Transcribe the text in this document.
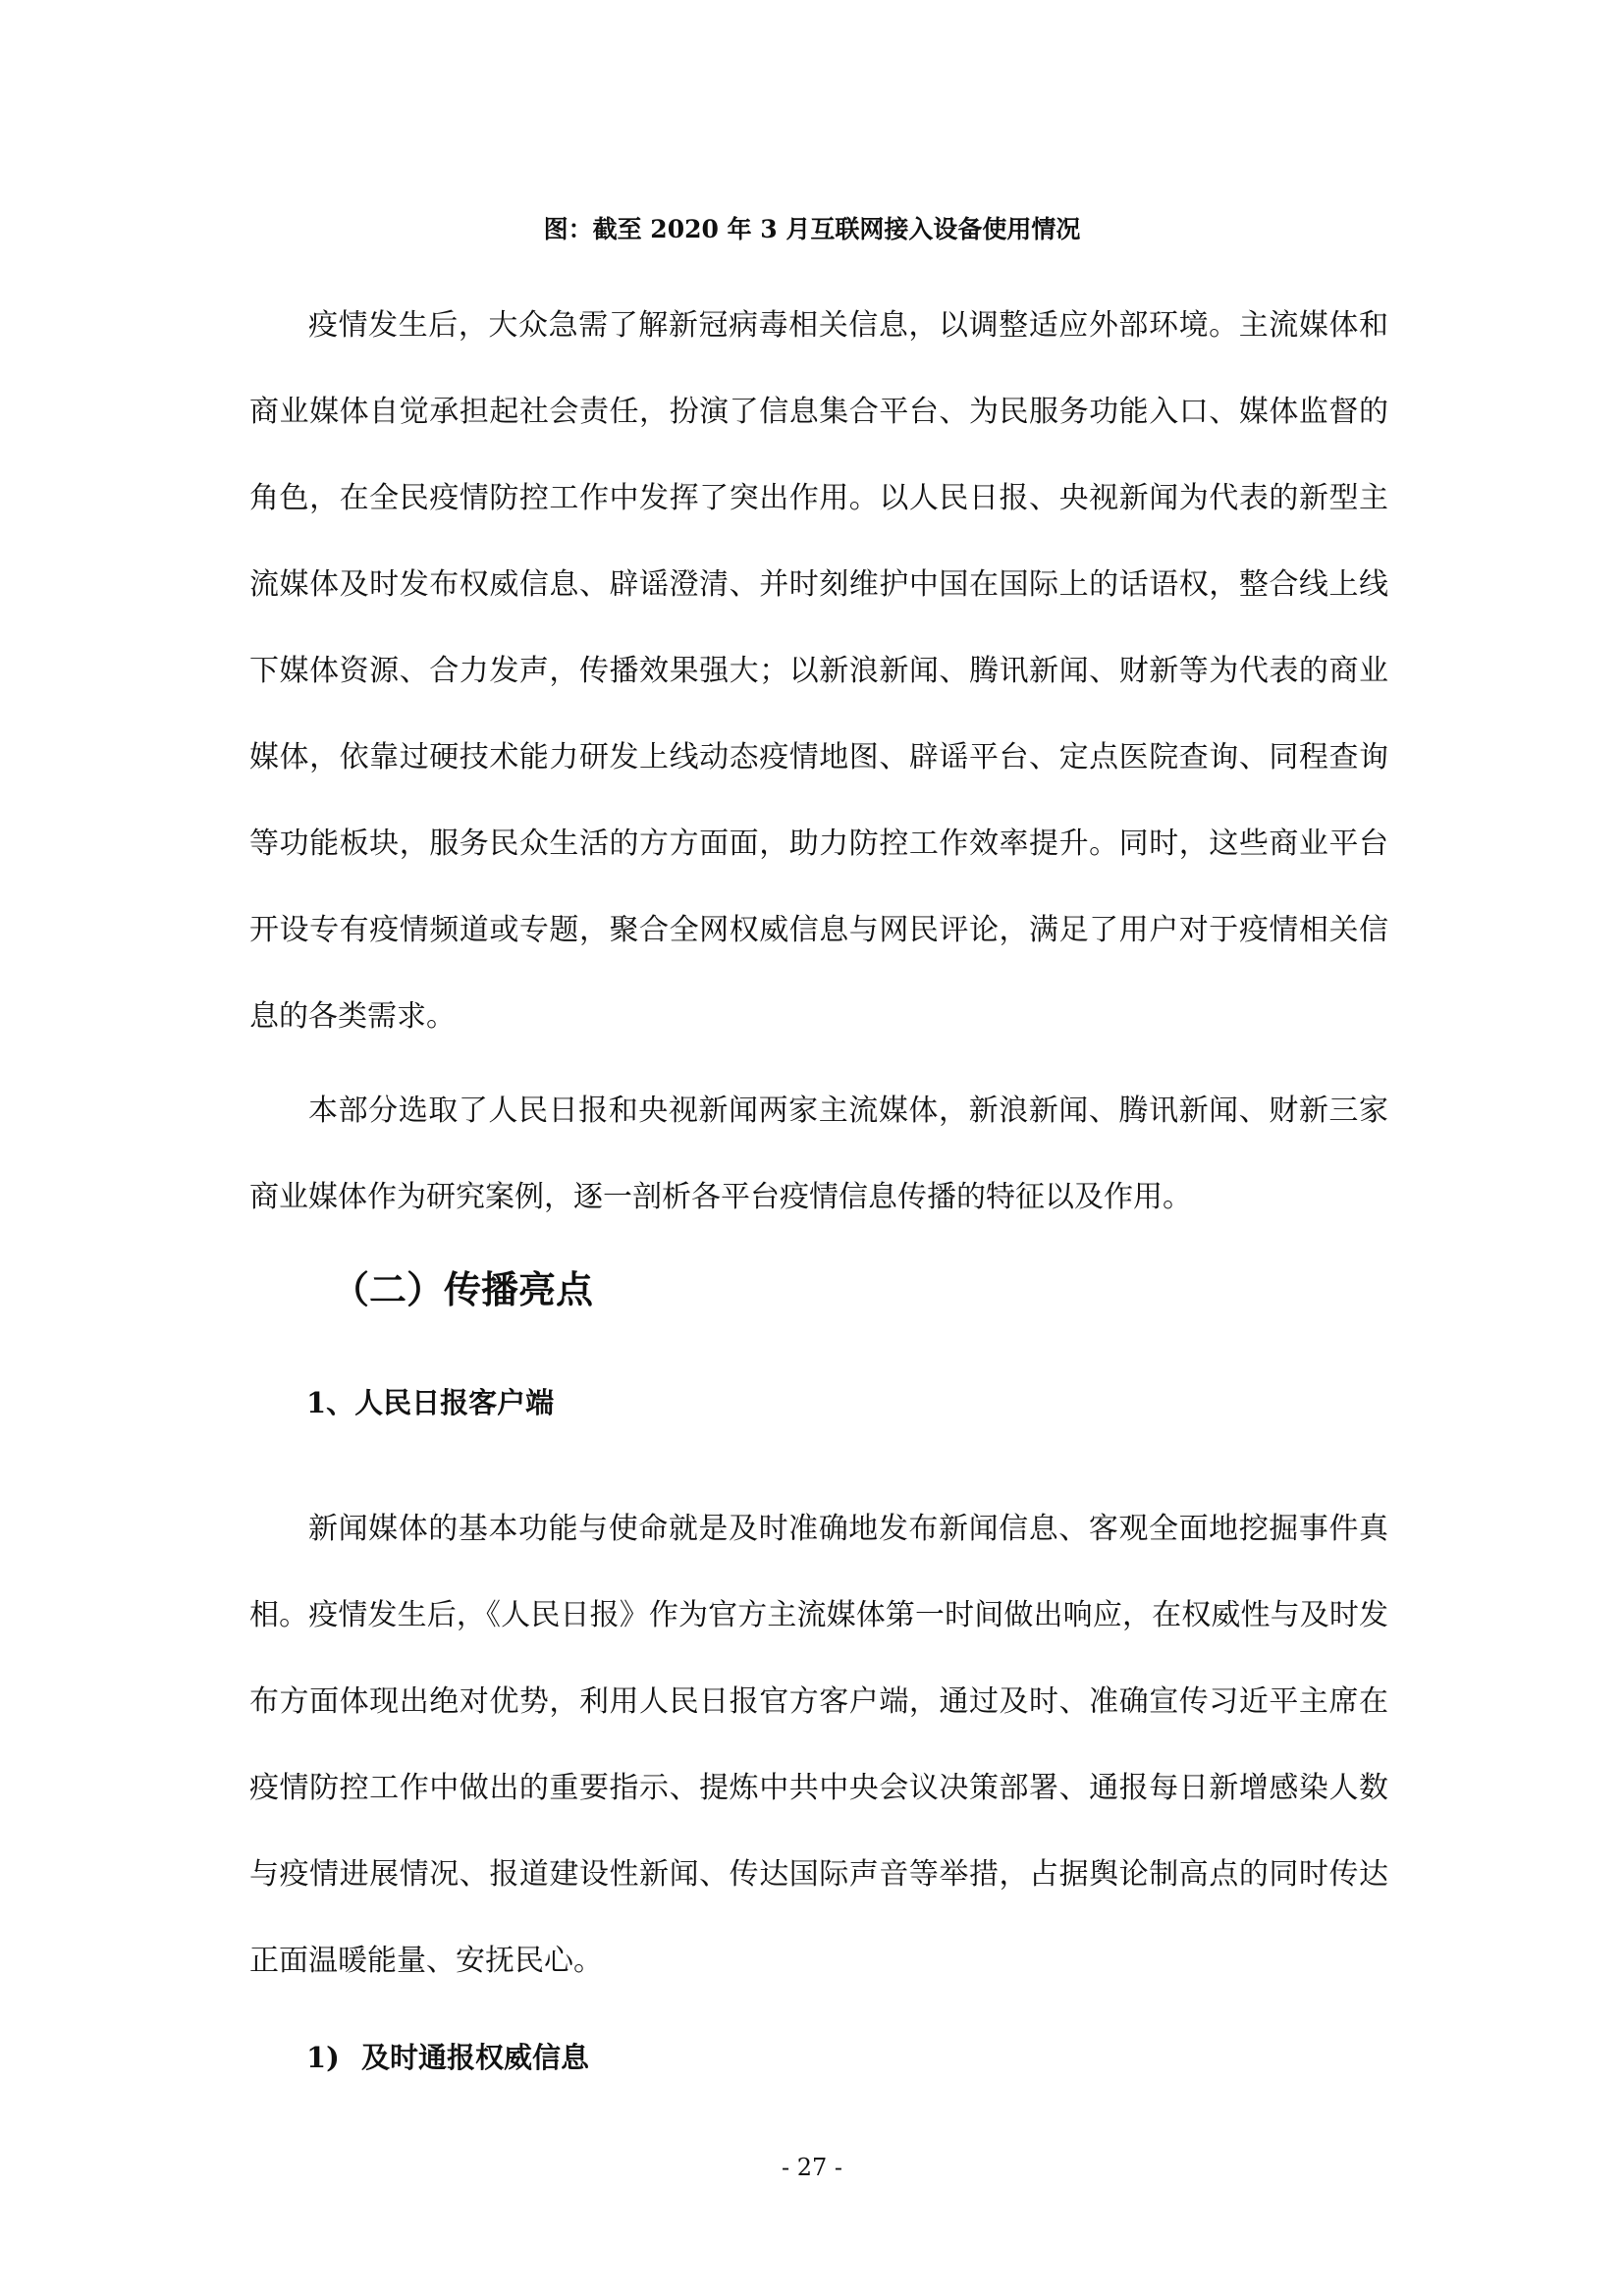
图：截至 2020 年 3 月互联网接入设备使用情况

疫情发生后，大众急需了解新冠病毒相关信息，以调整适应外部环境。主流媒体和商业媒体自觉承担起社会责任，扮演了信息集合平台、为民服务功能入口、媒体监督的角色，在全民疫情防控工作中发挥了突出作用。以人民日报、央视新闻为代表的新型主流媒体及时发布权威信息、辟谣澄清、并时刻维护中国在国际上的话语权，整合线上线下媒体资源、合力发声，传播效果强大；以新浪新闻、腾讯新闻、财新等为代表的商业媒体，依靠过硬技术能力研发上线动态疫情地图、辟谣平台、定点医院查询、同程查询等功能板块，服务民众生活的方方面面，助力防控工作效率提升。同时，这些商业平台开设专有疫情频道或专题，聚合全网权威信息与网民评论，满足了用户对于疫情相关信息的各类需求。

本部分选取了人民日报和央视新闻两家主流媒体，新浪新闻、腾讯新闻、财新三家商业媒体作为研究案例，逐一剖析各平台疫情信息传播的特征以及作用。

（二）传播亮点
1、人民日报客户端

新闻媒体的基本功能与使命就是及时准确地发布新闻信息、客观全面地挖掘事件真相。疫情发生后，《人民日报》作为官方主流媒体第一时间做出响应，在权威性与及时发布方面体现出绝对优势，利用人民日报官方客户端，通过及时、准确宣传习近平主席在疫情防控工作中做出的重要指示、提炼中共中央会议决策部署、通报每日新增感染人数与疫情进展情况、报道建设性新闻、传达国际声音等举措，占据舆论制高点的同时传达正面温暖能量、安抚民心。

1) 及时通报权威信息
- 27 -
